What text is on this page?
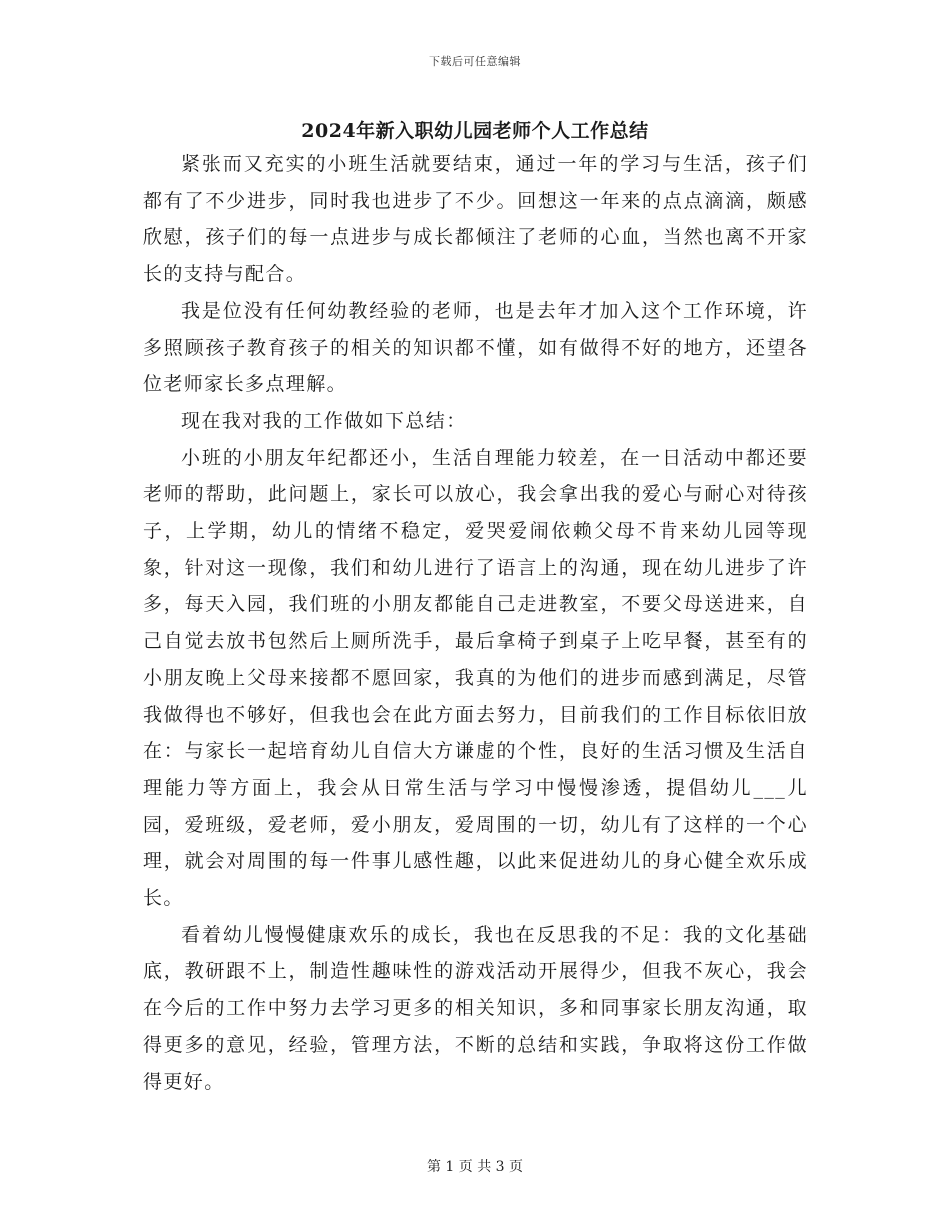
下载后可任意编辑
2024年新入职幼儿园老师个人工作总结

紧张而又充实的小班生活就要结束，通过一年的学习与生活，孩子们都有了不少进步，同时我也进步了不少。回想这一年来的点点滴滴，颇感欣慰，孩子们的每一点进步与成长都倾注了老师的心血，当然也离不开家长的支持与配合。

我是位没有任何幼教经验的老师，也是去年才加入这个工作环境，许多照顾孩子教育孩子的相关的知识都不懂，如有做得不好的地方，还望各位老师家长多点理解。

现在我对我的工作做如下总结：

小班的小朋友年纪都还小，生活自理能力较差，在一日活动中都还要老师的帮助，此问题上，家长可以放心，我会拿出我的爱心与耐心对待孩子，上学期，幼儿的情绪不稳定，爱哭爱闹依赖父母不肯来幼儿园等现象，针对这一现像，我们和幼儿进行了语言上的沟通，现在幼儿进步了许多，每天入园，我们班的小朋友都能自己走进教室，不要父母送进来，自己自觉去放书包然后上厕所洗手，最后拿椅子到桌子上吃早餐，甚至有的小朋友晚上父母来接都不愿回家，我真的为他们的进步而感到满足，尽管我做得也不够好，但我也会在此方面去努力，目前我们的工作目标依旧放在：与家长一起培育幼儿自信大方谦虚的个性，良好的生活习惯及生活自理能力等方面上，我会从日常生活与学习中慢慢渗透，提倡幼儿___儿园，爱班级，爱老师，爱小朋友，爱周围的一切，幼儿有了这样的一个心理，就会对周围的每一件事儿感性趣，以此来促进幼儿的身心健全欢乐成长。

看着幼儿慢慢健康欢乐的成长，我也在反思我的不足：我的文化基础底，教研跟不上，制造性趣味性的游戏活动开展得少，但我不灰心，我会在今后的工作中努力去学习更多的相关知识，多和同事家长朋友沟通，取得更多的意见，经验，管理方法，不断的总结和实践，争取将这份工作做得更好。

第 1 页 共 3 页
